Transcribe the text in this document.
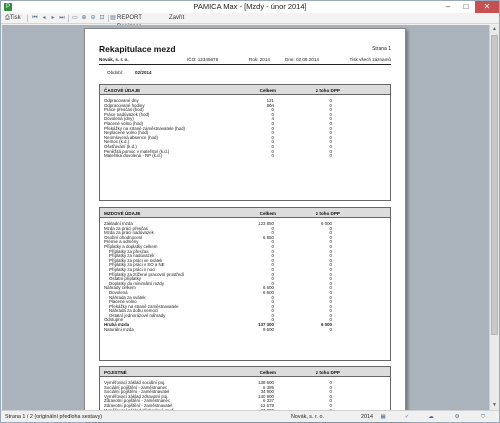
P	PAMICA Max - [Mzdy - únor 2014]	–	□	✕
⎙Tisk	⏮ ◂ ▸ ⏭ ▭ ⊕ ⊖ ⊡ ▤ REPORT	Zavřít
Rekapitulace mezd	Strana 1
Novák, s. r. o.	IČO: 12345678	Rok: 2014	Dne: 02.09.2014	Tisk všech záznamů
Období:	02/2014
ČASOVÉ ÚDAJE	Celkem	z toho DPP
Odpracované dny	121	0
Odpracované hodiny	804	0
Práce přesčas (hod)	0	0
Práce nadúvazek (hod)	0	0
Dovolená (dny)	4	0
Placené volno (hod)	0	0
Překážky na straně zaměstnavatele (hod)	0	0
Neplacené volno (hod)	0	0
Neomluvená absence (hod)	0	0
Nemoc (k.d.)	0	0
Ošetřování (k.d.)	0	0
Peněžitá pomoc v mateřství (k.d.)	0	0
Mateřská dovolená - RP (k.d.)	0	0
MZDOVÉ ÚDAJE	Celkem	z toho DPP
Základní mzda	123 850	6 000
Mzda za práci přesčas	0	0
Mzda za práci nadúvazek	0	0
Osobní ohodnocení	6 850	0
Prémie a odměny	0	0
Příplatky a doplatky celkem	0	0
Příplatky za přesčas	0	0
Příplatky za nadúvazek	0	0
Příplatky za práci ve svátek	0	0
Příplatky za práci v SO a NE	0	0
Příplatky za práci v noci	0	0
Příplatky za ztížené pracovní prostředí	0	0
Ostatní příplatky	0	0
Doplatky do minimální mzdy	0	0
Náhrady celkem	6 600	0
Dovolená	6 600	0
Náhrada za svátek	0	0
Placené volno	0	0
Překážky na straně zaměstnavatele	0	0
Náhrada za dobu nemoci	0	0
Ostatní jednorázové náhrady	0	0
Odstupné	0	0
Hrubá mzda	137 300	6 000
Naturální mzda	9 500	0
POJISTNÉ	Celkem	z toho DPP
Vyměřovací základ sociální poj.	138 600	0
Sociální pojištění - zaměstnanec	6 385	0
Sociální pojištění - zaměstnavatel	34 900	0
Vyměřovací základ zdravotní poj.	140 900	0
Zdravotní pojištění - zaměstnanec	6 337	0
Zdravotní pojištění - zaměstnavatel	12 679	0
▲
▼
Strana 1 / 2 (originální předloha sestavy)	Novák, s. r. o.	2014 ▦	✓	☁	⚙	⛉
